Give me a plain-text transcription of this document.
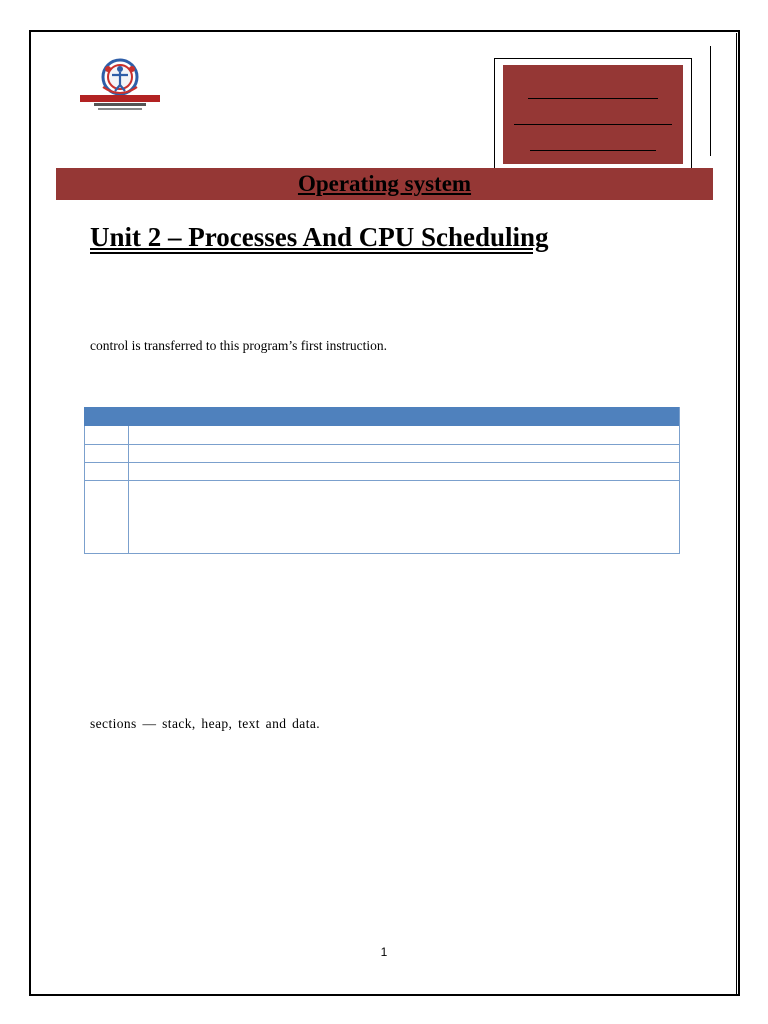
Operating system
Unit 2 – Processes And CPU Scheduling
control is transferred to this program’s first instruction.
sections — stack, heap, text and data.
1
